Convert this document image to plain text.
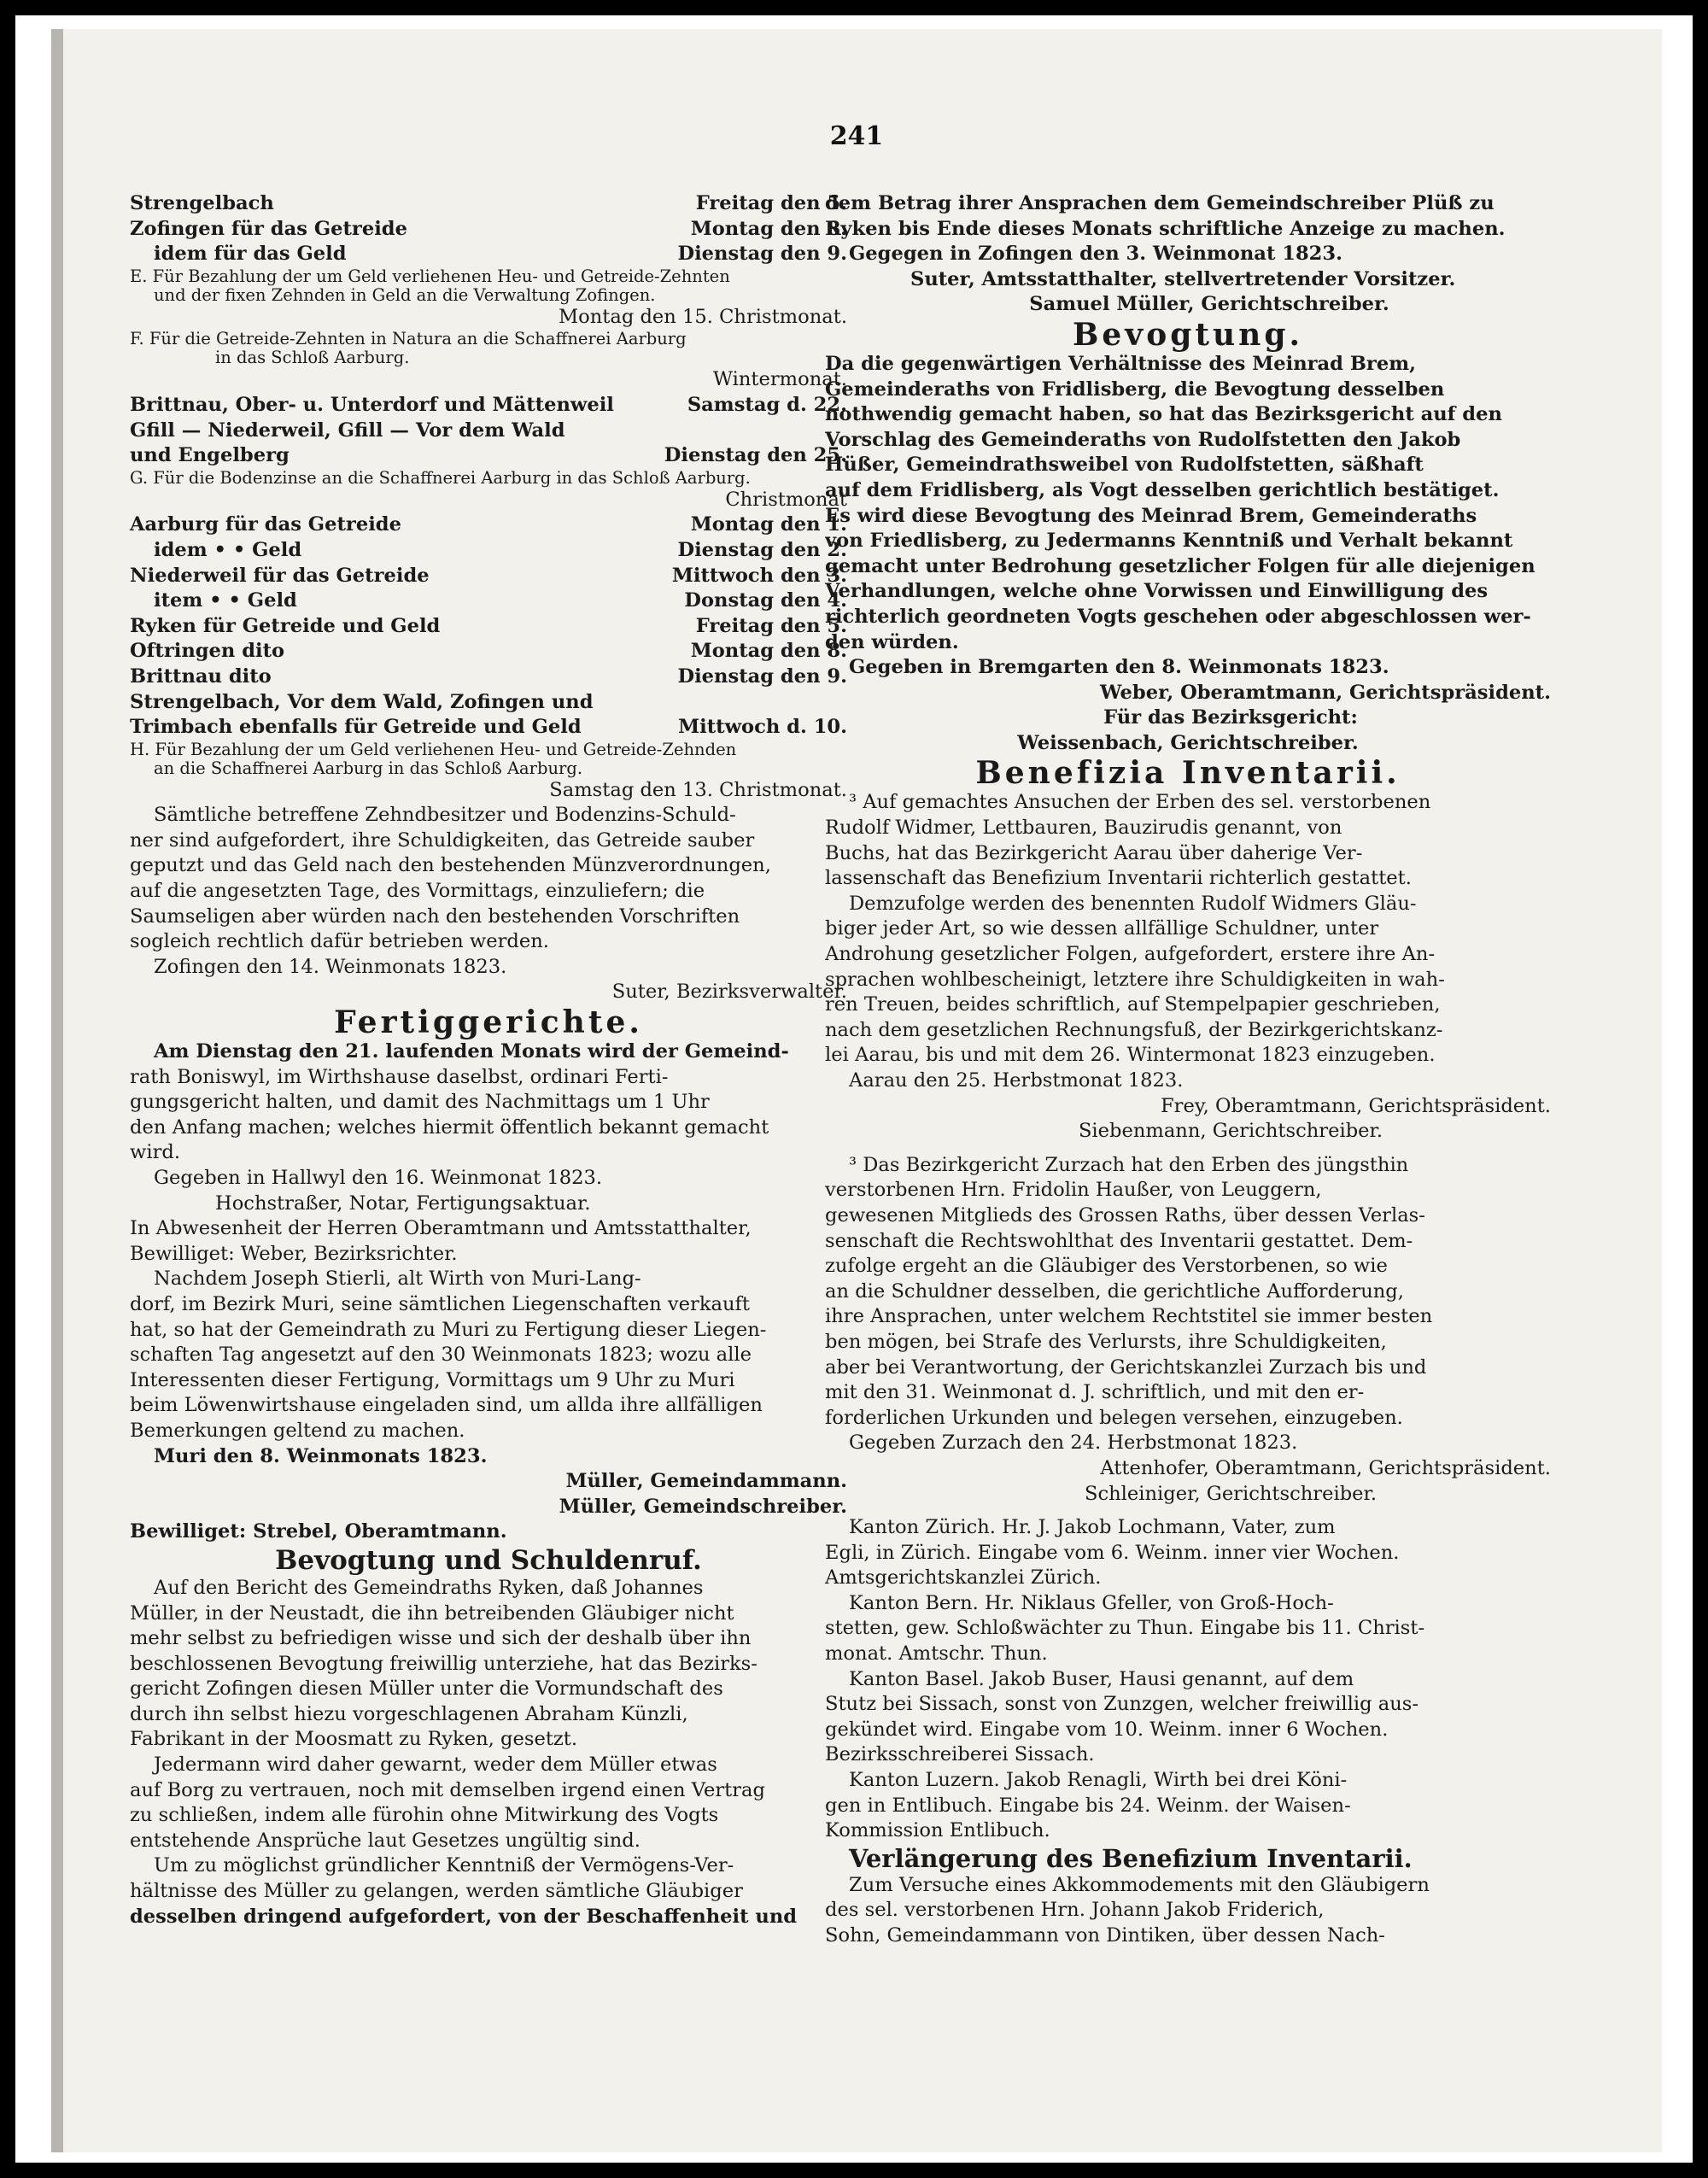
241
Strengelbach	Freitag den 5.
Zofingen für das Getreide	Montag den 8.
idem für das Geld	Dienstag den 9.
E. Für Bezahlung der um Geld verliehenen Heu- und Getreide-Zehnten
und der fixen Zehnden in Geld an die Verwaltung Zofingen.
Montag den 15. Christmonat.
F. Für die Getreide-Zehnten in Natura an die Schaffnerei Aarburg
in das Schloß Aarburg.
Wintermonat.
Brittnau, Ober- u. Unterdorf und Mättenweil	Samstag d. 22.
Gfill — Niederweil, Gfill — Vor dem Wald
und Engelberg	Dienstag den 25.
G. Für die Bodenzinse an die Schaffnerei Aarburg in das Schloß Aarburg.
Christmonat
Aarburg für das Getreide	Montag den 1.
idem • • Geld	Dienstag den 2.
Niederweil für das Getreide	Mittwoch den 3.
item • • Geld	Donstag den 4.
Ryken für Getreide und Geld	Freitag den 5.
Oftringen dito	Montag den 8.
Brittnau dito	Dienstag den 9.
Strengelbach, Vor dem Wald, Zofingen und
Trimbach ebenfalls für Getreide und Geld	Mittwoch d. 10.
H. Für Bezahlung der um Geld verliehenen Heu- und Getreide-Zehnden
an die Schaffnerei Aarburg in das Schloß Aarburg.
Samstag den 13. Christmonat.
Sämtliche betreffene Zehndbesitzer und Bodenzins-Schuld-
ner sind aufgefordert, ihre Schuldigkeiten, das Getreide sauber
geputzt und das Geld nach den bestehenden Münzverordnungen,
auf die angesetzten Tage, des Vormittags, einzuliefern; die
Saumseligen aber würden nach den bestehenden Vorschriften
sogleich rechtlich dafür betrieben werden.
Zofingen den 14. Weinmonats 1823.
Suter, Bezirksverwalter.
Fertiggerichte.
Am Dienstag den 21. laufenden Monats wird der Gemeind-
rath Boniswyl, im Wirthshause daselbst, ordinari Ferti-
gungsgericht halten, und damit des Nachmittags um 1 Uhr
den Anfang machen; welches hiermit öffentlich bekannt gemacht
wird.
Gegeben in Hallwyl den 16. Weinmonat 1823.
Hochstraßer, Notar, Fertigungsaktuar.
In Abwesenheit der Herren Oberamtmann und Amtsstatthalter,
Bewilliget: Weber, Bezirksrichter.
Nachdem Joseph Stierli, alt Wirth von Muri-Lang-
dorf, im Bezirk Muri, seine sämtlichen Liegenschaften verkauft
hat, so hat der Gemeindrath zu Muri zu Fertigung dieser Liegen-
schaften Tag angesetzt auf den 30 Weinmonats 1823; wozu alle
Interessenten dieser Fertigung, Vormittags um 9 Uhr zu Muri
beim Löwenwirtshause eingeladen sind, um allda ihre allfälligen
Bemerkungen geltend zu machen.
Muri den 8. Weinmonats 1823.
Müller, Gemeindammann.
Müller, Gemeindschreiber.
Bewilliget: Strebel, Oberamtmann.
Bevogtung und Schuldenruf.
Auf den Bericht des Gemeindraths Ryken, daß Johannes
Müller, in der Neustadt, die ihn betreibenden Gläubiger nicht
mehr selbst zu befriedigen wisse und sich der deshalb über ihn
beschlossenen Bevogtung freiwillig unterziehe, hat das Bezirks-
gericht Zofingen diesen Müller unter die Vormundschaft des
durch ihn selbst hiezu vorgeschlagenen Abraham Künzli,
Fabrikant in der Moosmatt zu Ryken, gesetzt.
Jedermann wird daher gewarnt, weder dem Müller etwas
auf Borg zu vertrauen, noch mit demselben irgend einen Vertrag
zu schließen, indem alle fürohin ohne Mitwirkung des Vogts
entstehende Ansprüche laut Gesetzes ungültig sind.
Um zu möglichst gründlicher Kenntniß der Vermögens-Ver-
hältnisse des Müller zu gelangen, werden sämtliche Gläubiger
desselben dringend aufgefordert, von der Beschaffenheit und
dem Betrag ihrer Ansprachen dem Gemeindschreiber Plüß zu
Ryken bis Ende dieses Monats schriftliche Anzeige zu machen.
Gegegen in Zofingen den 3. Weinmonat 1823.
Suter, Amtsstatthalter, stellvertretender Vorsitzer.
Samuel Müller, Gerichtschreiber.
Bevogtung.
Da die gegenwärtigen Verhältnisse des Meinrad Brem,
Gemeinderaths von Fridlisberg, die Bevogtung desselben
nothwendig gemacht haben, so hat das Bezirksgericht auf den
Vorschlag des Gemeinderaths von Rudolfstetten den Jakob
Hüßer, Gemeindrathsweibel von Rudolfstetten, säßhaft
auf dem Fridlisberg, als Vogt desselben gerichtlich bestätiget.
Es wird diese Bevogtung des Meinrad Brem, Gemeinderaths
von Friedlisberg, zu Jedermanns Kenntniß und Verhalt bekannt
gemacht unter Bedrohung gesetzlicher Folgen für alle diejenigen
Verhandlungen, welche ohne Vorwissen und Einwilligung des
richterlich geordneten Vogts geschehen oder abgeschlossen wer-
den würden.
Gegeben in Bremgarten den 8. Weinmonats 1823.
Weber, Oberamtmann, Gerichtspräsident.
Für das Bezirksgericht:
Weissenbach, Gerichtschreiber.
Benefizia Inventarii.
³ Auf gemachtes Ansuchen der Erben des sel. verstorbenen
Rudolf Widmer, Lettbauren, Bauzirudis genannt, von
Buchs, hat das Bezirkgericht Aarau über daherige Ver-
lassenschaft das Benefizium Inventarii richterlich gestattet.
Demzufolge werden des benennten Rudolf Widmers Gläu-
biger jeder Art, so wie dessen allfällige Schuldner, unter
Androhung gesetzlicher Folgen, aufgefordert, erstere ihre An-
sprachen wohlbescheinigt, letztere ihre Schuldigkeiten in wah-
ren Treuen, beides schriftlich, auf Stempelpapier geschrieben,
nach dem gesetzlichen Rechnungsfuß, der Bezirkgerichtskanz-
lei Aarau, bis und mit dem 26. Wintermonat 1823 einzugeben.
Aarau den 25. Herbstmonat 1823.
Frey, Oberamtmann, Gerichtspräsident.
Siebenmann, Gerichtschreiber.
³ Das Bezirkgericht Zurzach hat den Erben des jüngsthin
verstorbenen Hrn. Fridolin Haußer, von Leuggern,
gewesenen Mitglieds des Grossen Raths, über dessen Verlas-
senschaft die Rechtswohlthat des Inventarii gestattet. Dem-
zufolge ergeht an die Gläubiger des Verstorbenen, so wie
an die Schuldner desselben, die gerichtliche Aufforderung,
ihre Ansprachen, unter welchem Rechtstitel sie immer besten
ben mögen, bei Strafe des Verlursts, ihre Schuldigkeiten,
aber bei Verantwortung, der Gerichtskanzlei Zurzach bis und
mit den 31. Weinmonat d. J. schriftlich, und mit den er-
forderlichen Urkunden und belegen versehen, einzugeben.
Gegeben Zurzach den 24. Herbstmonat 1823.
Attenhofer, Oberamtmann, Gerichtspräsident.
Schleiniger, Gerichtschreiber.
Kanton Zürich. Hr. J. Jakob Lochmann, Vater, zum
Egli, in Zürich. Eingabe vom 6. Weinm. inner vier Wochen.
Amtsgerichtskanzlei Zürich.
Kanton Bern. Hr. Niklaus Gfeller, von Groß-Hoch-
stetten, gew. Schloßwächter zu Thun. Eingabe bis 11. Christ-
monat. Amtschr. Thun.
Kanton Basel. Jakob Buser, Hausi genannt, auf dem
Stutz bei Sissach, sonst von Zunzgen, welcher freiwillig aus-
gekündet wird. Eingabe vom 10. Weinm. inner 6 Wochen.
Bezirksschreiberei Sissach.
Kanton Luzern. Jakob Renagli, Wirth bei drei Köni-
gen in Entlibuch. Eingabe bis 24. Weinm. der Waisen-
Kommission Entlibuch.
Verlängerung des Benefizium Inventarii.
Zum Versuche eines Akkommodements mit den Gläubigern
des sel. verstorbenen Hrn. Johann Jakob Friderich,
Sohn, Gemeindammann von Dintiken, über dessen Nach-
